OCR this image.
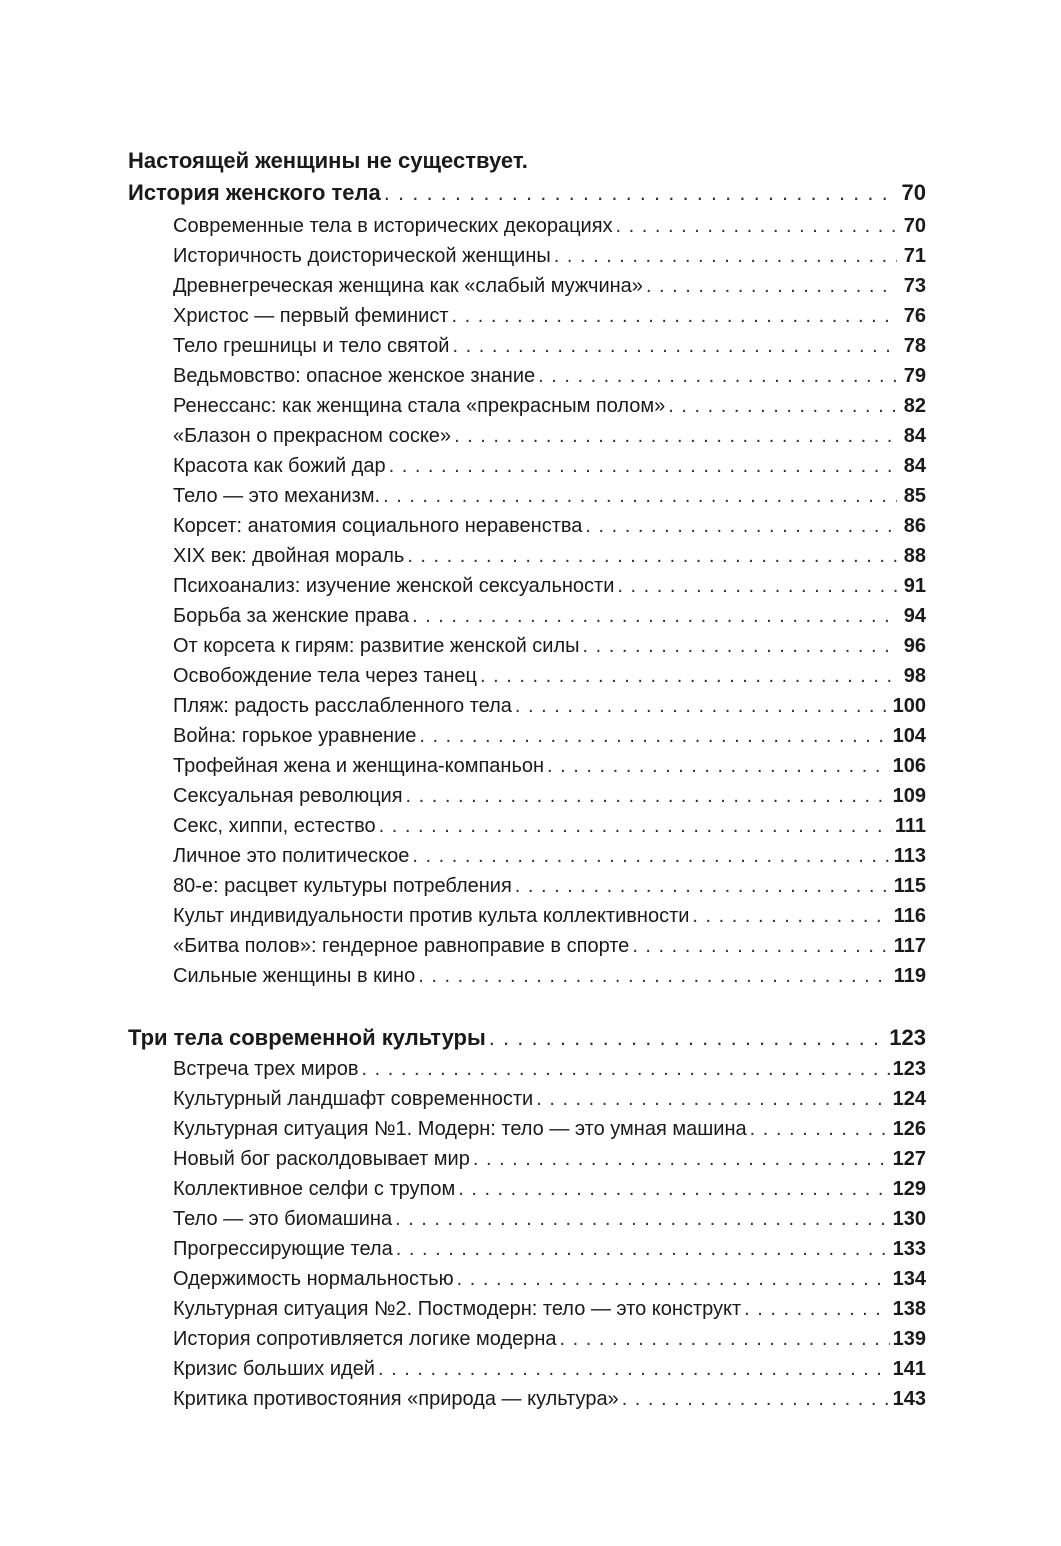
Настоящей женщины не существует.
История женского тела . . .	70
Современные тела в исторических декорациях . . .	70
Историчность доисторической женщины . . .	71
Древнегреческая женщина как «слабый мужчина» . . .	73
Христос — первый феминист . . .	76
Тело грешницы и тело святой . . .	78
Ведьмовство: опасное женское знание . . .	79
Ренессанс: как женщина стала «прекрасным полом» . . .	82
«Блазон о прекрасном соске» . . .	84
Красота как божий дар . . .	84
Тело — это механизм. . . .	85
Корсет: анатомия социального неравенства . . .	86
XIX век: двойная мораль . . .	88
Психоанализ: изучение женской сексуальности . . .	91
Борьба за женские права . . .	94
От корсета к гирям: развитие женской силы . . .	96
Освобождение тела через танец . . .	98
Пляж: радость расслабленного тела . . .	100
Война: горькое уравнение . . .	104
Трофейная жена и женщина-компаньон . . .	106
Сексуальная революция . . .	109
Секс, хиппи, естество . . .	111
Личное это политическое . . .	113
80-е: расцвет культуры потребления . . .	115
Культ индивидуальности против культа коллективности . . .	116
«Битва полов»: гендерное равноправие в спорте . . .	117
Сильные женщины в кино . . .	119
Три тела современной культуры . . .	123
Встреча трех миров . . .	123
Культурный ландшафт современности . . .	124
Культурная ситуация №1. Модерн: тело — это умная машина . . .	126
Новый бог расколдовывает мир . . .	127
Коллективное селфи с трупом . . .	129
Тело — это биомашина . . .	130
Прогрессирующие тела . . .	133
Одержимость нормальностью . . .	134
Культурная ситуация №2. Постмодерн: тело — это конструкт . . .	138
История сопротивляется логике модерна . . .	139
Кризис больших идей . . .	141
Критика противостояния «природа — культура» . . .	143
